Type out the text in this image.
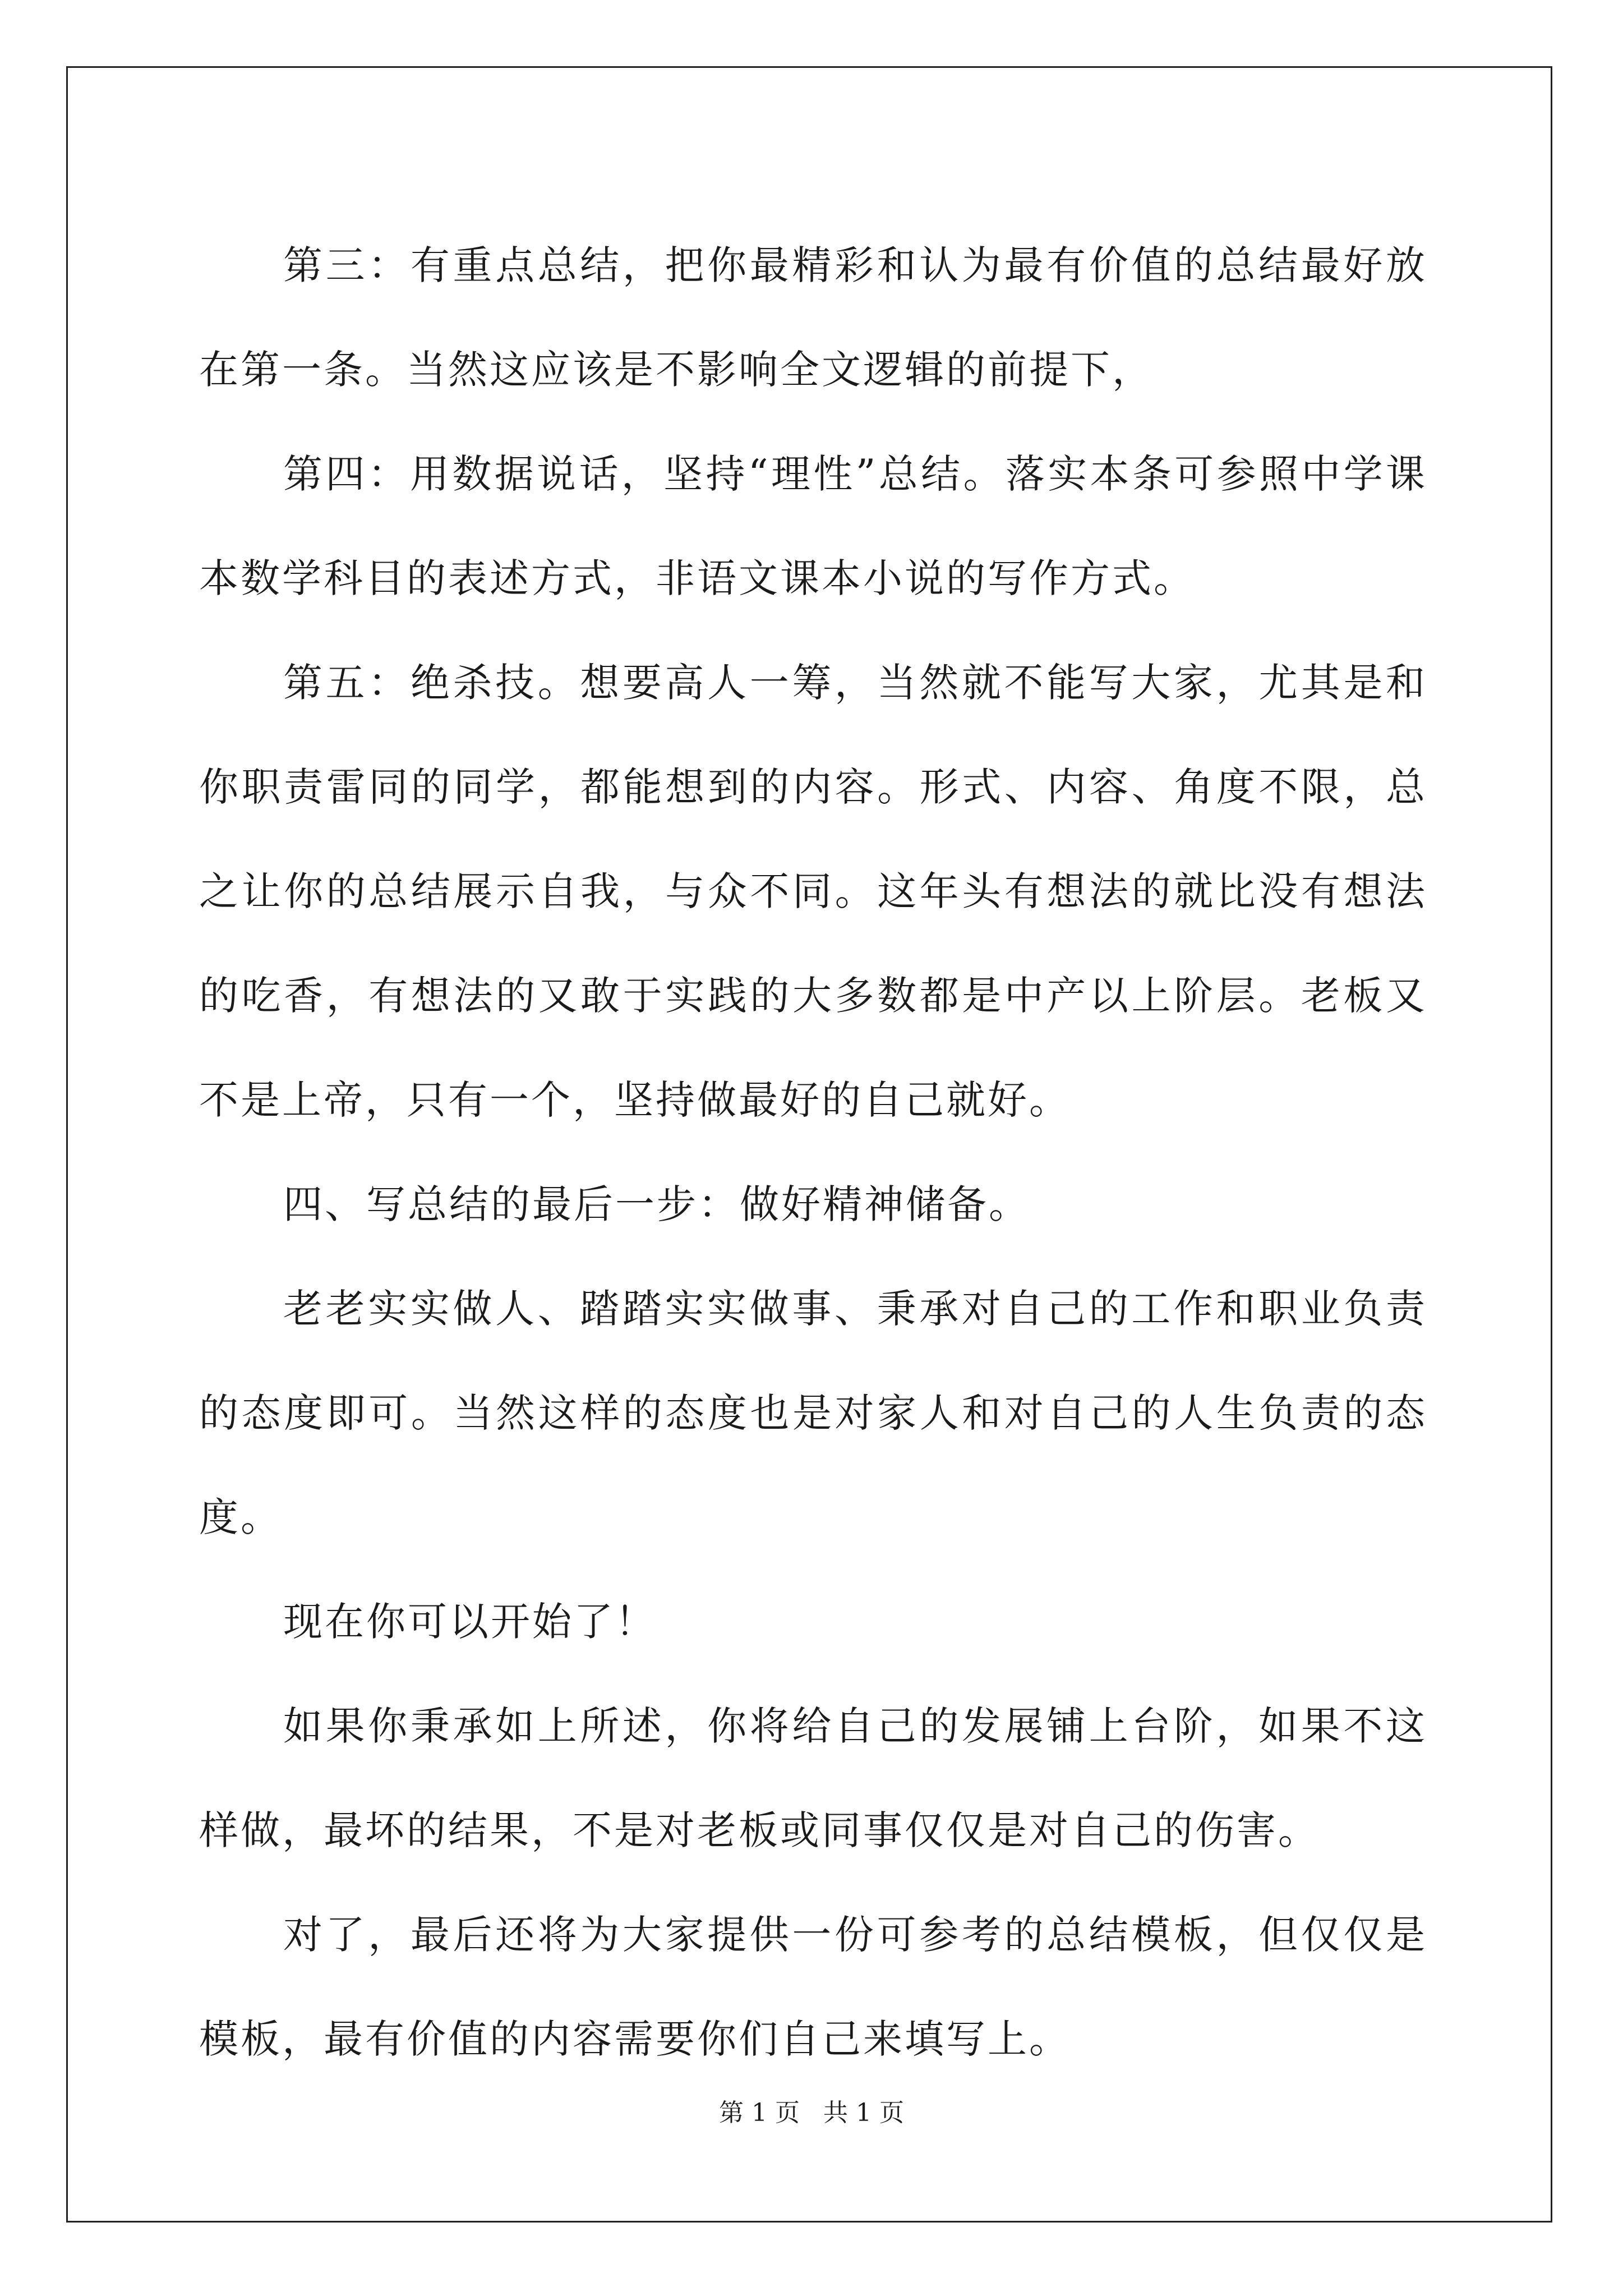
第三：有重点总结，把你最精彩和认为最有价值的总结最好放在第一条。当然这应该是不影响全文逻辑的前提下，

第四：用数据说话，坚持“理性”总结。落实本条可参照中学课本数学科目的表述方式，非语文课本小说的写作方式。

第五：绝杀技。想要高人一筹，当然就不能写大家，尤其是和你职责雷同的同学，都能想到的内容。形式、内容、角度不限，总之让你的总结展示自我，与众不同。这年头有想法的就比没有想法的吃香，有想法的又敢于实践的大多数都是中产以上阶层。老板又不是上帝，只有一个，坚持做最好的自己就好。

四、写总结的最后一步：做好精神储备。

老老实实做人、踏踏实实做事、秉承对自己的工作和职业负责的态度即可。当然这样的态度也是对家人和对自己的人生负责的态度。

现在你可以开始了！

如果你秉承如上所述，你将给自己的发展铺上台阶，如果不这样做，最坏的结果，不是对老板或同事仅仅是对自己的伤害。

对了，最后还将为大家提供一份可参考的总结模板，但仅仅是模板，最有价值的内容需要你们自己来填写上。

第 1 页 共 1 页
